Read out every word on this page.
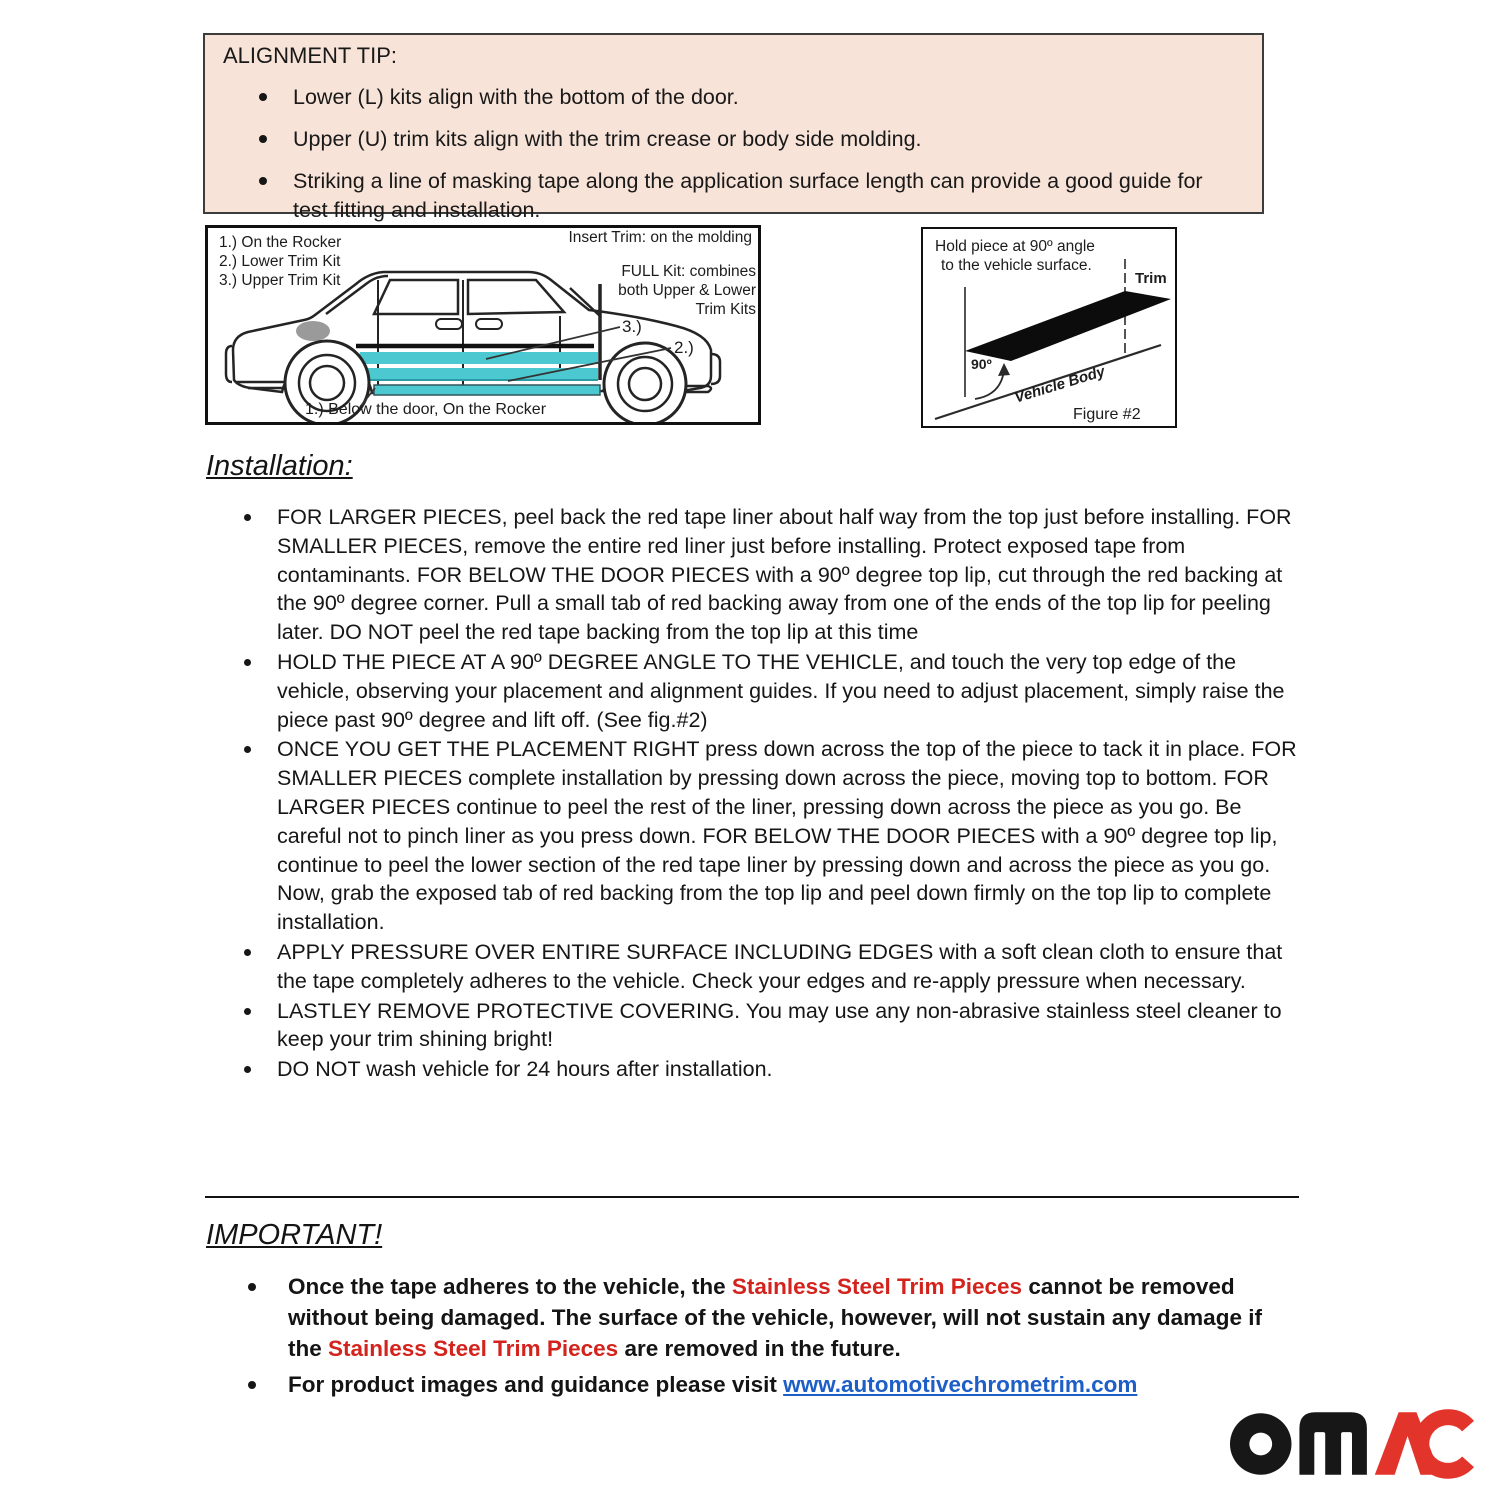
ALIGNMENT TIP:
Lower (L) kits align with the bottom of the door.
Upper (U) trim kits align with the trim crease or body side molding.
Striking a line of masking tape along the application surface length can provide a good guide for test fitting and installation.
1.) On the Rocker
2.) Lower Trim Kit
3.) Upper Trim Kit
Insert Trim: on the molding
FULL Kit: combines
both Upper & Lower
Trim Kits
3.)
2.)
1.) Below the door, On the Rocker
Hold piece at 90º angle
to the vehicle surface.
Trim
90º Vehicle Body
Figure #2
Installation:
FOR LARGER PIECES, peel back the red tape liner about half way from the top just before installing. FOR SMALLER PIECES, remove the entire red liner just before installing. Protect exposed tape from contaminants. FOR BELOW THE DOOR PIECES with a 90º degree top lip, cut through the red backing at the 90º degree corner. Pull a small tab of red backing away from one of the ends of the top lip for peeling later. DO NOT peel the red tape backing from the top lip at this time
HOLD THE PIECE AT A 90º DEGREE ANGLE TO THE VEHICLE, and touch the very top edge of the vehicle, observing your placement and alignment guides. If you need to adjust placement, simply raise the piece past 90º degree and lift off. (See fig.#2)
ONCE YOU GET THE PLACEMENT RIGHT press down across the top of the piece to tack it in place. FOR SMALLER PIECES complete installation by pressing down across the piece, moving top to bottom. FOR LARGER PIECES continue to peel the rest of the liner, pressing down across the piece as you go. Be careful not to pinch liner as you press down. FOR BELOW THE DOOR PIECES with a 90º degree top lip, continue to peel the lower section of the red tape liner by pressing down and across the piece as you go. Now, grab the exposed tab of red backing from the top lip and peel down firmly on the top lip to complete installation.
APPLY PRESSURE OVER ENTIRE SURFACE INCLUDING EDGES with a soft clean cloth to ensure that the tape completely adheres to the vehicle. Check your edges and re-apply pressure when necessary.
LASTLEY REMOVE PROTECTIVE COVERING. You may use any non-abrasive stainless steel cleaner to keep your trim shining bright!
DO NOT wash vehicle for 24 hours after installation.
IMPORTANT!
Once the tape adheres to the vehicle, the Stainless Steel Trim Pieces cannot be removed without being damaged. The surface of the vehicle, however, will not sustain any damage if the Stainless Steel Trim Pieces are removed in the future.
For product images and guidance please visit www.automotivechrometrim.com
